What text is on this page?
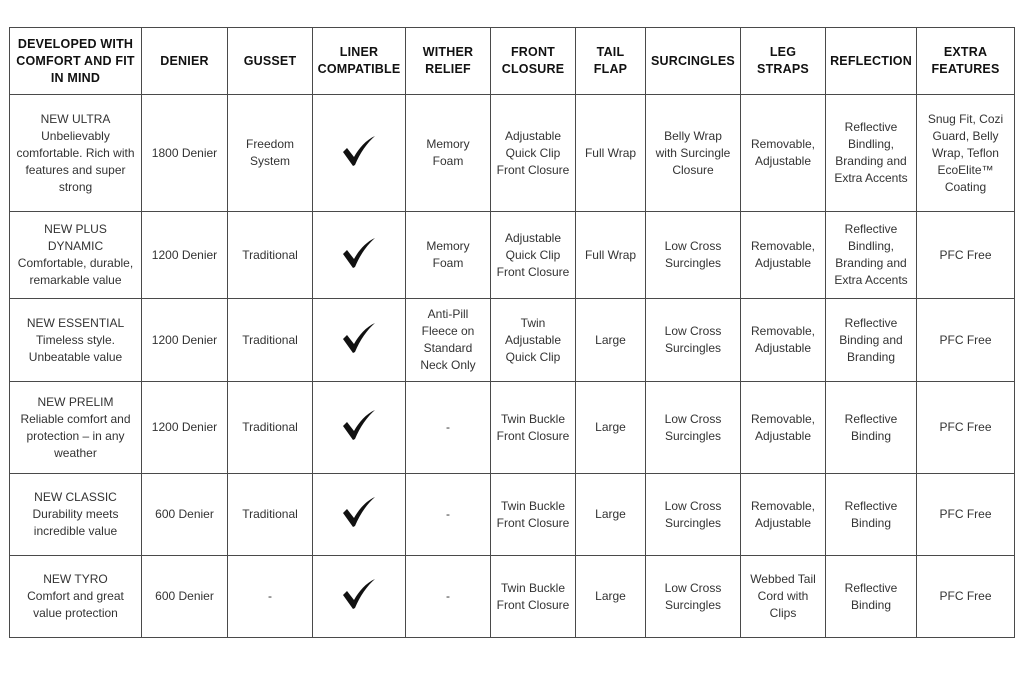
DEVELOPED WITH
COMFORT AND FIT
IN MIND	DENIER	GUSSET	LINER
COMPATIBLE	WITHER
RELIEF	FRONT
CLOSURE	TAIL
FLAP	SURCINGLES	LEG
STRAPS	REFLECTION	EXTRA
FEATURES

NEW ULTRA
Unbelievably
comfortable. Rich with
features and super
strong	1800 Denier	Freedom
System		Memory
Foam	Adjustable
Quick Clip
Front Closure	Full Wrap	Belly Wrap
with Surcingle
Closure	Removable,
Adjustable	Reflective
Bindling,
Branding and
Extra Accents	Snug Fit, Cozi
Guard, Belly
Wrap, Teflon
EcoElite™
Coating

NEW PLUS
DYNAMIC
Comfortable, durable,
remarkable value	1200 Denier	Traditional		Memory
Foam	Adjustable
Quick Clip
Front Closure	Full Wrap	Low Cross
Surcingles	Removable,
Adjustable	Reflective
Bindling,
Branding and
Extra Accents	PFC Free

NEW ESSENTIAL
Timeless style.
Unbeatable value	1200 Denier	Traditional		Anti-Pill
Fleece on
Standard
Neck Only	Twin
Adjustable
Quick Clip	Large	Low Cross
Surcingles	Removable,
Adjustable	Reflective
Binding and
Branding	PFC Free

NEW PRELIM
Reliable comfort and
protection – in any
weather	1200 Denier	Traditional		-	Twin Buckle
Front Closure	Large	Low Cross
Surcingles	Removable,
Adjustable	Reflective
Binding	PFC Free

NEW CLASSIC
Durability meets
incredible value	600 Denier	Traditional		-	Twin Buckle
Front Closure	Large	Low Cross
Surcingles	Removable,
Adjustable	Reflective
Binding	PFC Free

NEW TYRO
Comfort and great
value protection	600 Denier	-		-	Twin Buckle
Front Closure	Large	Low Cross
Surcingles	Webbed Tail
Cord with
Clips	Reflective
Binding	PFC Free
